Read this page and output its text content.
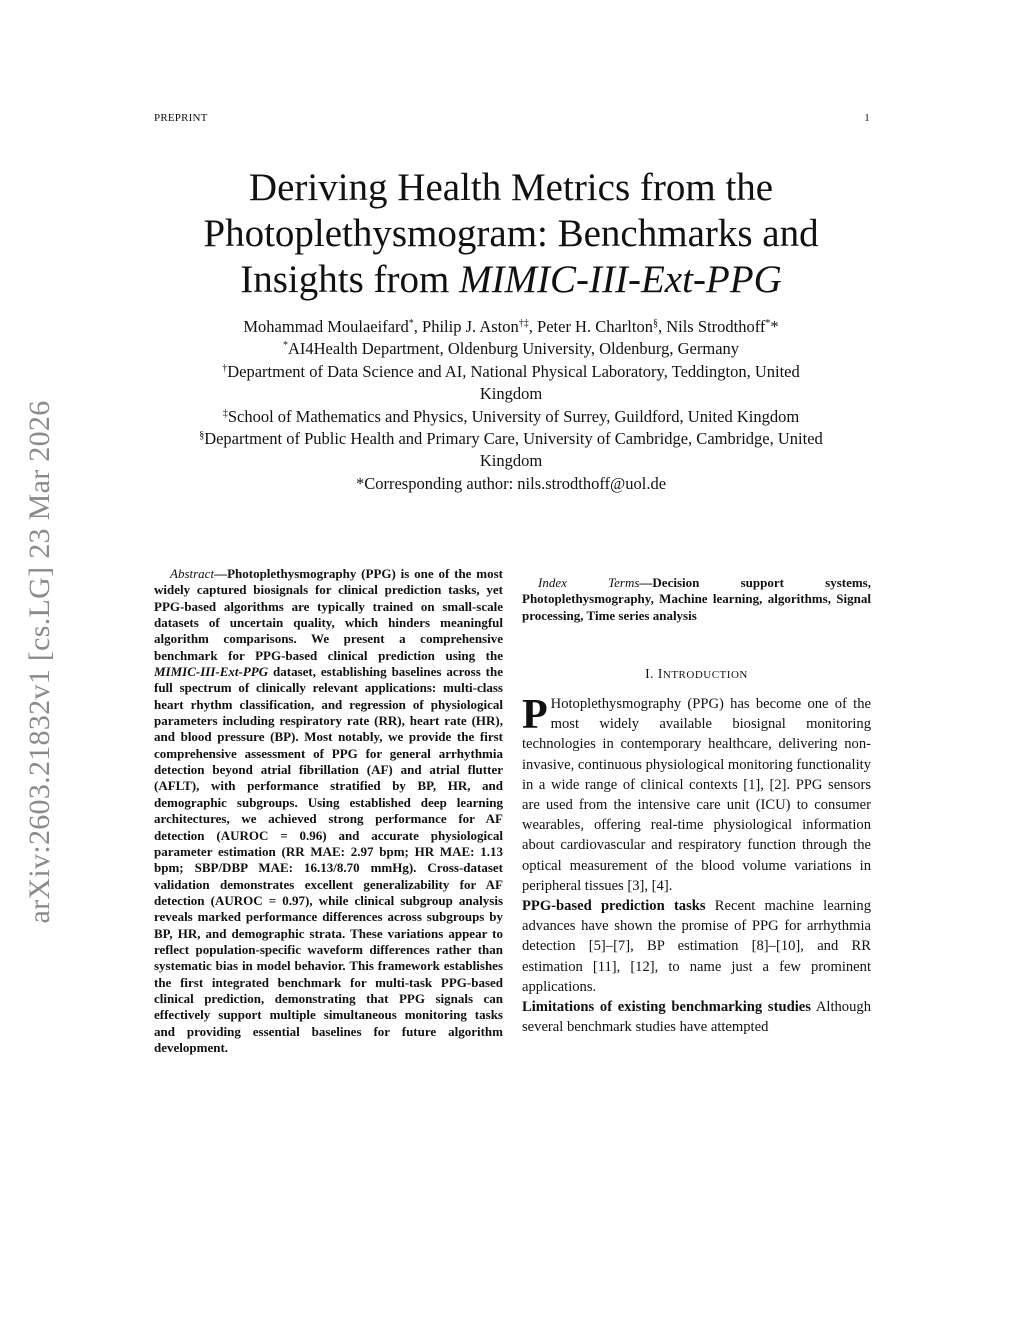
PREPRINT	1
arXiv:2603.21832v1 [cs.LG] 23 Mar 2026
Deriving Health Metrics from the
Photoplethysmogram: Benchmarks and
Insights from MIMIC-III-Ext-PPG
Mohammad Moulaeifard*, Philip J. Aston†‡, Peter H. Charlton§, Nils Strodthoff**
*AI4Health Department, Oldenburg University, Oldenburg, Germany
†Department of Data Science and AI, National Physical Laboratory, Teddington, United
Kingdom
‡School of Mathematics and Physics, University of Surrey, Guildford, United Kingdom
§Department of Public Health and Primary Care, University of Cambridge, Cambridge, United
Kingdom
*Corresponding author: nils.strodthoff@uol.de

Abstract—Photoplethysmography (PPG) is one of the most widely captured biosignals for clinical prediction tasks, yet PPG-based algorithms are typically trained on small-scale datasets of uncertain quality, which hinders meaningful algorithm comparisons. We present a comprehensive benchmark for PPG-based clinical prediction using the MIMIC-III-Ext-PPG dataset, establishing baselines across the full spectrum of clinically relevant applications: multi-class heart rhythm classification, and regression of physiological parameters including respiratory rate (RR), heart rate (HR), and blood pressure (BP). Most notably, we provide the first comprehensive assessment of PPG for general arrhythmia detection beyond atrial fibrillation (AF) and atrial flutter (AFLT), with performance stratified by BP, HR, and demographic subgroups. Using established deep learning architectures, we achieved strong performance for AF detection (AUROC = 0.96) and accurate physiological parameter estimation (RR MAE: 2.97 bpm; HR MAE: 1.13 bpm; SBP/DBP MAE: 16.13/8.70 mmHg). Cross-dataset validation demonstrates excellent generalizability for AF detection (AUROC = 0.97), while clinical subgroup analysis reveals marked performance differences across subgroups by BP, HR, and demographic strata. These variations appear to reflect population-specific waveform differences rather than systematic bias in model behavior. This framework establishes the first integrated benchmark for multi-task PPG-based clinical prediction, demonstrating that PPG signals can effectively support multiple simultaneous monitoring tasks and providing essential baselines for future algorithm development.

Index Terms—Decision support systems, Photoplethysmography, Machine learning, algorithms, Signal processing, Time series analysis

I. INTRODUCTION

P Hotoplethysmography (PPG) has become one of the most widely available biosignal monitoring technologies in contemporary healthcare, delivering non-invasive, continuous physiological monitoring functionality in a wide range of clinical contexts [1], [2]. PPG sensors are used from the intensive care unit (ICU) to consumer wearables, offering real-time physiological information about cardiovascular and respiratory function through the optical measurement of the blood volume variations in peripheral tissues [3], [4].

PPG-based prediction tasks Recent machine learning advances have shown the promise of PPG for arrhythmia detection [5]–[7], BP estimation [8]–[10], and RR estimation [11], [12], to name just a few prominent applications.

Limitations of existing benchmarking studies Although several benchmark studies have attempted
